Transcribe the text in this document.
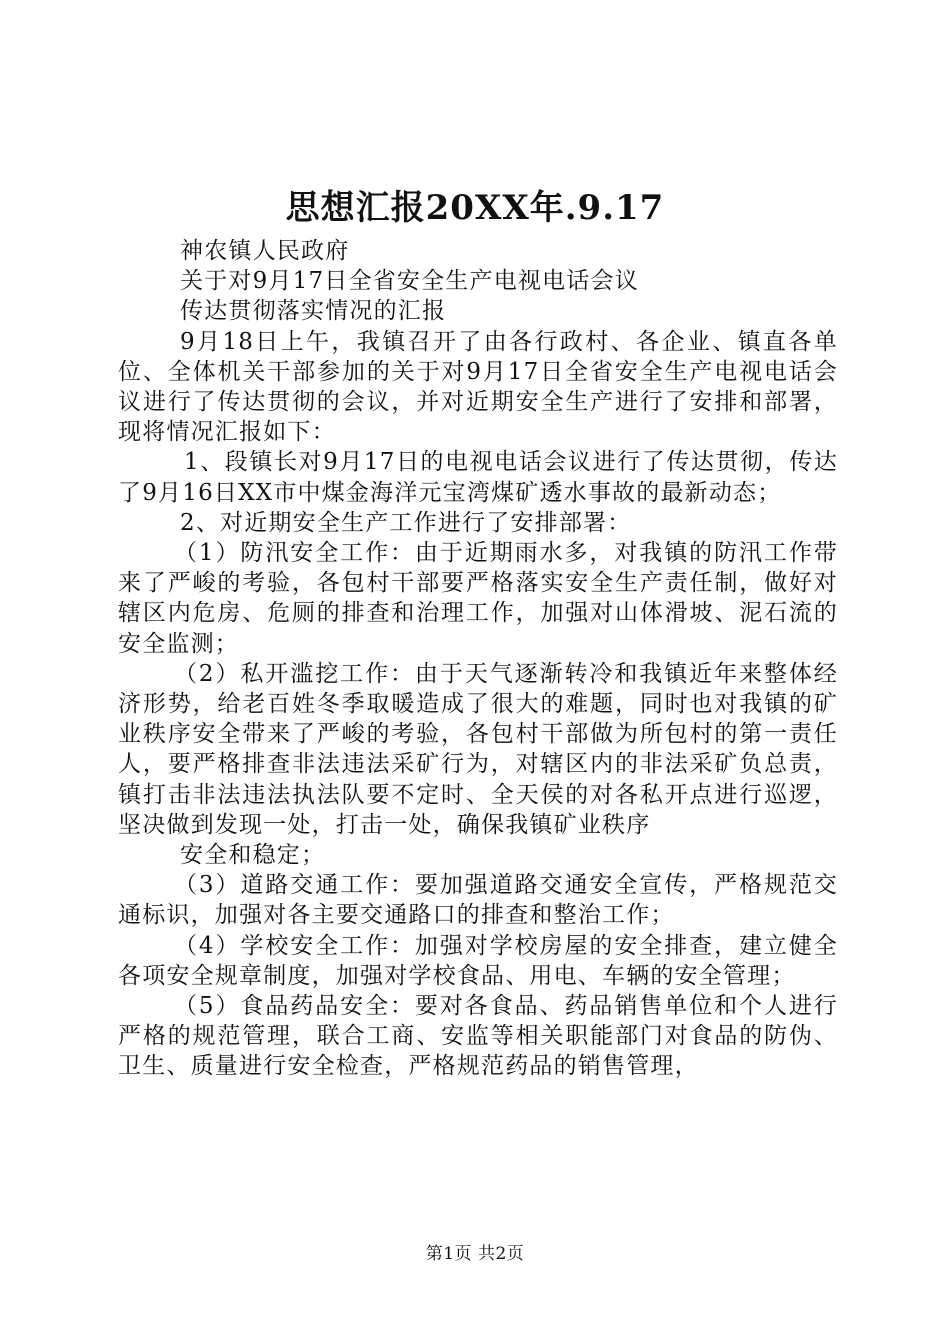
思想汇报20XX年.9.17

神农镇人民政府

关于对9月17日全省安全生产电视电话会议

传达贯彻落实情况的汇报

9月18日上午，我镇召开了由各行政村、各企业、镇直各单位、全体机关干部参加的关于对9月17日全省安全生产电视电话会议进行了传达贯彻的会议，并对近期安全生产进行了安排和部署，现将情况汇报如下：

1、段镇长对9月17日的电视电话会议进行了传达贯彻，传达了9月16日XX市中煤金海洋元宝湾煤矿透水事故的最新动态；

2、对近期安全生产工作进行了安排部署：

（1）防汛安全工作：由于近期雨水多，对我镇的防汛工作带来了严峻的考验，各包村干部要严格落实安全生产责任制，做好对辖区内危房、危厕的排查和治理工作，加强对山体滑坡、泥石流的安全监测；

（2）私开滥挖工作：由于天气逐渐转冷和我镇近年来整体经济形势，给老百姓冬季取暖造成了很大的难题，同时也对我镇的矿业秩序安全带来了严峻的考验，各包村干部做为所包村的第一责任人，要严格排查非法违法采矿行为，对辖区内的非法采矿负总责，镇打击非法违法执法队要不定时、全天侯的对各私开点进行巡逻，坚决做到发现一处，打击一处，确保我镇矿业秩序

安全和稳定；

（3）道路交通工作：要加强道路交通安全宣传，严格规范交通标识，加强对各主要交通路口的排查和整治工作；

（4）学校安全工作：加强对学校房屋的安全排查，建立健全各项安全规章制度，加强对学校食品、用电、车辆的安全管理；

（5）食品药品安全：要对各食品、药品销售单位和个人进行严格的规范管理，联合工商、安监等相关职能部门对食品的防伪、卫生、质量进行安全检查，严格规范药品的销售管理，

第1页 共2页
